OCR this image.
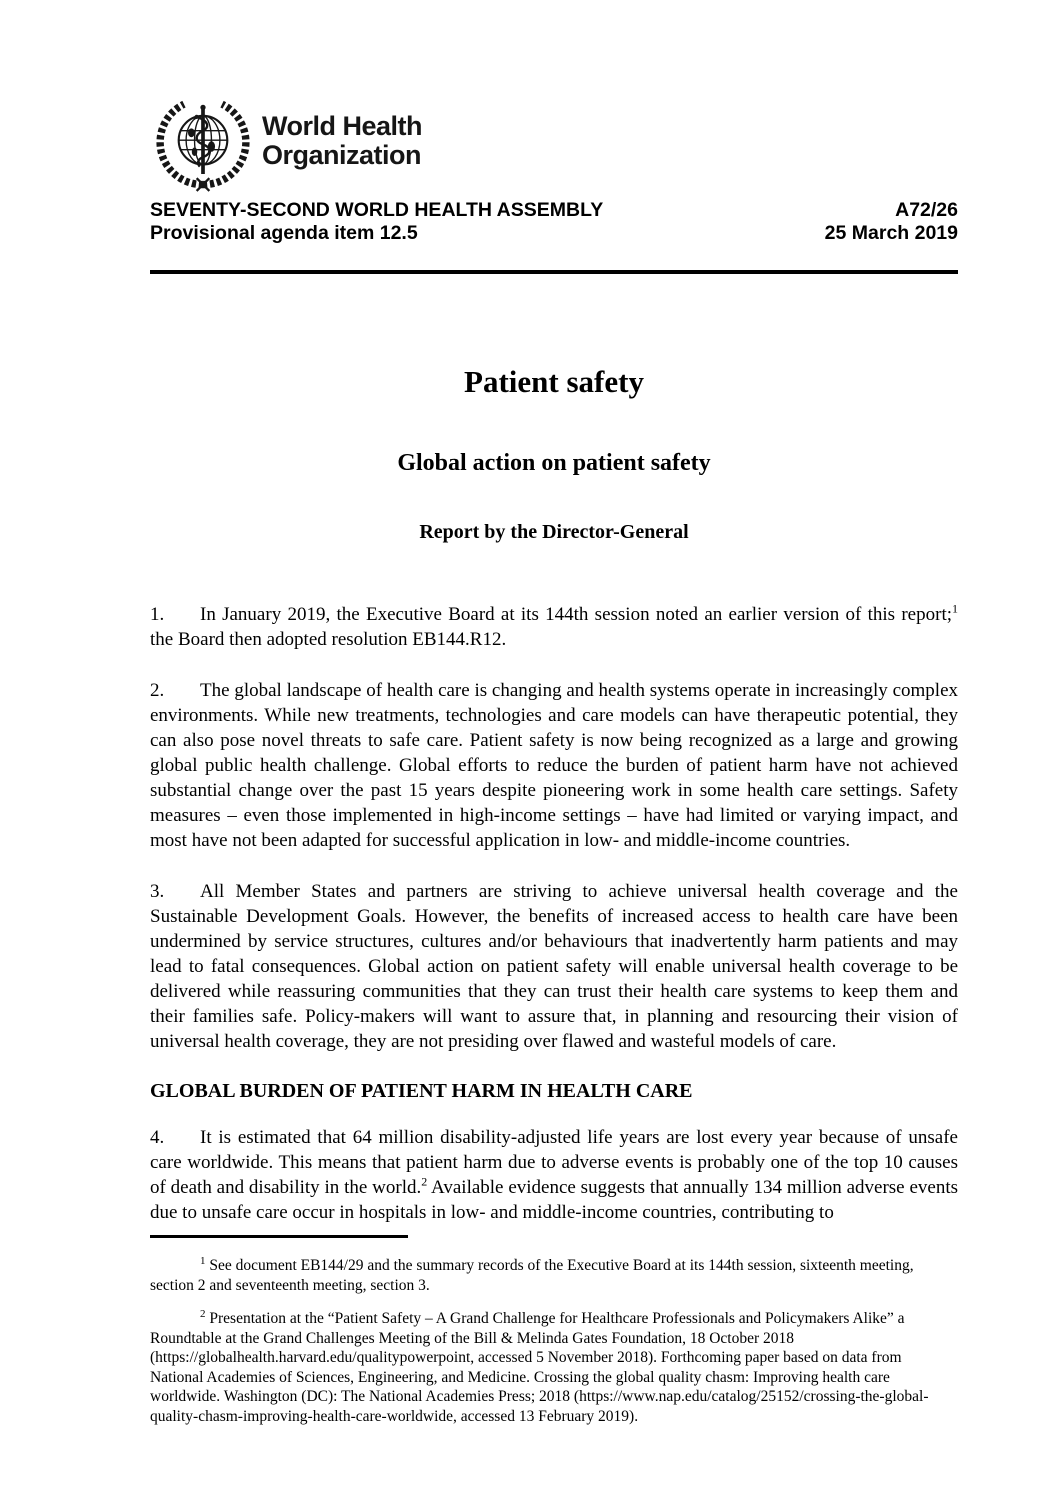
World Health
Organization
SEVENTY-SECOND WORLD HEALTH ASSEMBLY
Provisional agenda item 12.5
A72/26
25 March 2019
Patient safety
Global action on patient safety
Report by the Director-General

1. In January 2019, the Executive Board at its 144th session noted an earlier version of this report;$^1$ the Board then adopted resolution EB144.R12.

2. The global landscape of health care is changing and health systems operate in increasingly complex environments. While new treatments, technologies and care models can have therapeutic potential, they can also pose novel threats to safe care. Patient safety is now being recognized as a large and growing global public health challenge. Global efforts to reduce the burden of patient harm have not achieved substantial change over the past 15 years despite pioneering work in some health care settings. Safety measures – even those implemented in high-income settings – have had limited or varying impact, and most have not been adapted for successful application in low- and middle-income countries.

3. All Member States and partners are striving to achieve universal health coverage and the Sustainable Development Goals. However, the benefits of increased access to health care have been undermined by service structures, cultures and/or behaviours that inadvertently harm patients and may lead to fatal consequences. Global action on patient safety will enable universal health coverage to be delivered while reassuring communities that they can trust their health care systems to keep them and their families safe. Policy-makers will want to assure that, in planning and resourcing their vision of universal health coverage, they are not presiding over flawed and wasteful models of care.

GLOBAL BURDEN OF PATIENT HARM IN HEALTH CARE

4. It is estimated that 64 million disability-adjusted life years are lost every year because of unsafe care worldwide. This means that patient harm due to adverse events is probably one of the top 10 causes of death and disability in the world.$^2$ Available evidence suggests that annually 134 million adverse events due to unsafe care occur in hospitals in low- and middle-income countries, contributing to

$^1$ See document EB144/29 and the summary records of the Executive Board at its 144th session, sixteenth meeting, section 2 and seventeenth meeting, section 3.

$^2$ Presentation at the “Patient Safety – A Grand Challenge for Healthcare Professionals and Policymakers Alike” a Roundtable at the Grand Challenges Meeting of the Bill & Melinda Gates Foundation, 18 October 2018 (https://globalhealth.harvard.edu/qualitypowerpoint, accessed 5 November 2018). Forthcoming paper based on data from National Academies of Sciences, Engineering, and Medicine. Crossing the global quality chasm: Improving health care worldwide. Washington (DC): The National Academies Press; 2018 (https://www.nap.edu/catalog/25152/crossing-the-global-quality-chasm-improving-health-care-worldwide, accessed 13 February 2019).
